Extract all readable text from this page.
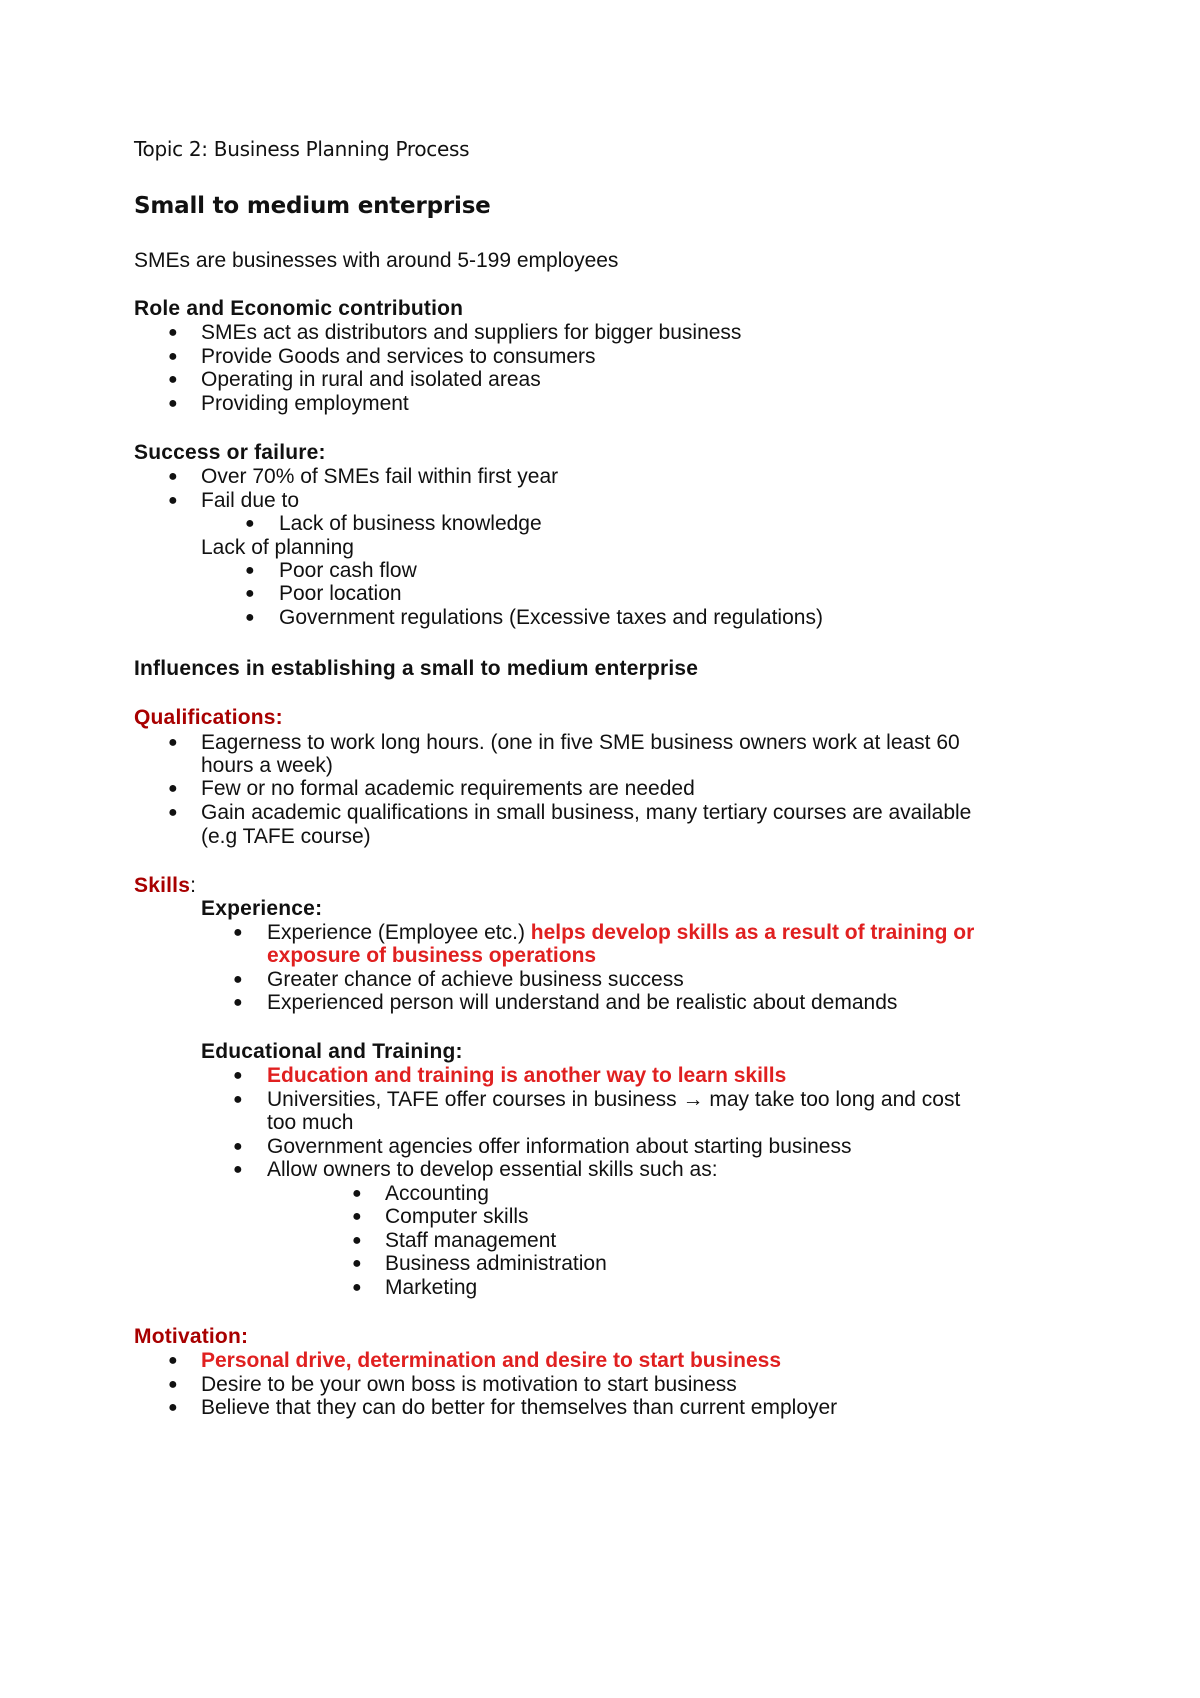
Topic 2: Business Planning Process
Small to medium enterprise
SMEs are businesses with around 5-199 employees
Role and Economic contribution
● SMEs act as distributors and suppliers for bigger business
● Provide Goods and services to consumers
● Operating in rural and isolated areas
● Providing employment
Success or failure:
● Over 70% of SMEs fail within first year
● Fail due to
● Lack of business knowledge
Lack of planning
● Poor cash flow
● Poor location
● Government regulations (Excessive taxes and regulations)
Influences in establishing a small to medium enterprise
Qualifications:
● Eagerness to work long hours. (one in five SME business owners work at least 60
hours a week)
● Few or no formal academic requirements are needed
● Gain academic qualifications in small business, many tertiary courses are available
(e.g TAFE course)
Skills:
Experience:
● Experience (Employee etc.) helps develop skills as a result of training or
exposure of business operations
● Greater chance of achieve business success
● Experienced person will understand and be realistic about demands
Educational and Training:
● Education and training is another way to learn skills
● Universities, TAFE offer courses in business → may take too long and cost
too much
● Government agencies offer information about starting business
● Allow owners to develop essential skills such as:
● Accounting
● Computer skills
● Staff management
● Business administration
● Marketing
Motivation:
● Personal drive, determination and desire to start business
● Desire to be your own boss is motivation to start business
● Believe that they can do better for themselves than current employer
